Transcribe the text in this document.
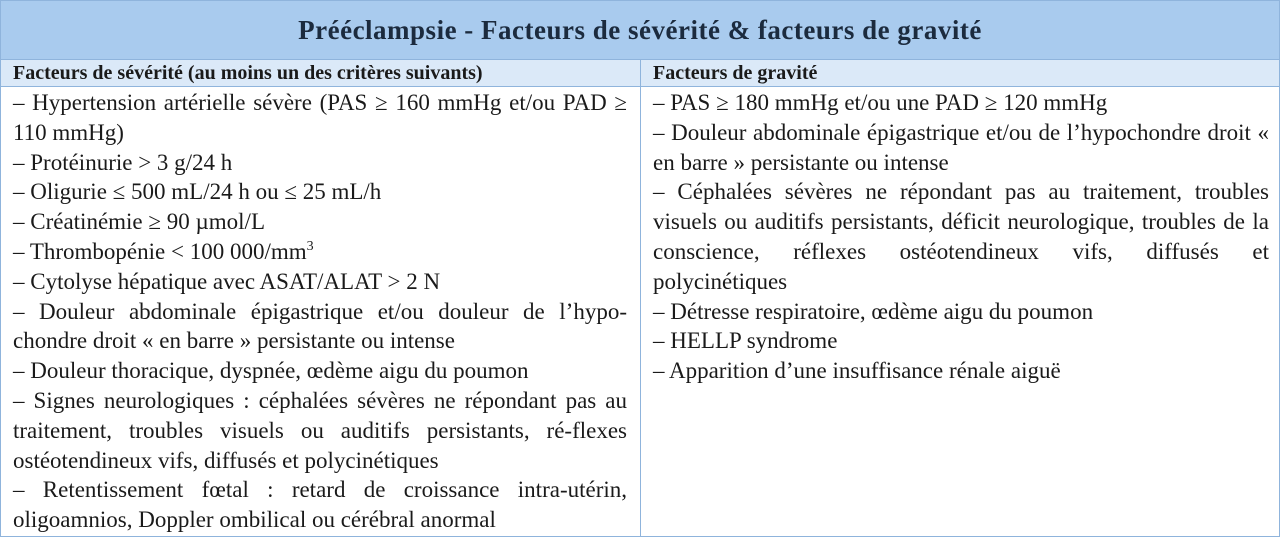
Prééclampsie - Facteurs de sévérité & facteurs de gravité
Facteurs de sévérité (au moins un des critères suivants)	Facteurs de gravité

– Hypertension artérielle sévère (PAS ≥ 160 mmHg et/ou PAD ≥ 110 mmHg)

– Protéinurie > 3 g/24 h

– Oligurie ≤ 500 mL/24 h ou ≤ 25 mL/h

– Créatinémie ≥ 90 µmol/L

– Thrombopénie < 100 $000/mm^3$

– Cytolyse hépatique avec ASAT/ALAT > 2 N

– Douleur abdominale épigastrique et/ou douleur de l’hypo-chondre droit « en barre » persistante ou intense

– Douleur thoracique, dyspnée, œdème aigu du poumon

– Signes neurologiques : céphalées sévères ne répondant pas au traitement, troubles visuels ou auditifs persistants, ré-flexes ostéotendineux vifs, diffusés et polycinétiques

– Retentissement fœtal : retard de croissance intra-utérin, oligoamnios, Doppler ombilical ou cérébral anormal

– PAS ≥ 180 mmHg et/ou une PAD ≥ 120 mmHg

– Douleur abdominale épigastrique et/ou de l’hypochondre droit « en barre » persistante ou intense

– Céphalées sévères ne répondant pas au traitement, troubles visuels ou auditifs persistants, déficit neurologique, troubles de la conscience, réflexes ostéotendineux vifs, diffusés et polycinétiques

– Détresse respiratoire, œdème aigu du poumon

– HELLP syndrome

– Apparition d’une insuffisance rénale aiguë
